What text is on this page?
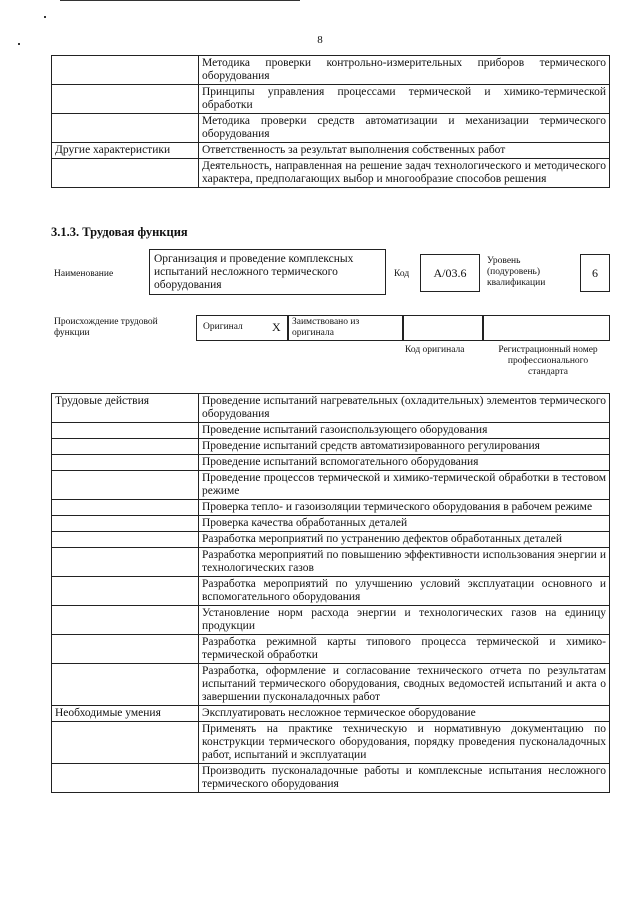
8
	Методика проверки контрольно-измерительных приборов термического оборудования
	Принципы управления процессами термической и химико-термической обработки
	Методика проверки средств автоматизации и механизации термического оборудования
Другие характеристики	Ответственность за результат выполнения собственных работ
	Деятельность, направленная на решение задач технологического и методического характера, предполагающих выбор и многообразие способов решения
3.1.3. Трудовая функция
Наименование
Организация и проведение комплексных испытаний несложного термического оборудования
Код	A/03.6
Уровень (подуровень) квалификации
6
Происхождение трудовой функции
Оригинал X Заимствовано из оригинала
Код оригинала	Регистрационный номер профессионального стандарта
Трудовые действия	Проведение испытаний нагревательных (охладительных) элементов термического оборудования
	Проведение испытаний газоиспользующего оборудования
	Проведение испытаний средств автоматизированного регулирования
	Проведение испытаний вспомогательного оборудования
	Проведение процессов термической и химико-термической обработки в тестовом режиме
	Проверка тепло- и газоизоляции термического оборудования в рабочем режиме
	Проверка качества обработанных деталей
	Разработка мероприятий по устранению дефектов обработанных деталей
	Разработка мероприятий по повышению эффективности использования энергии и технологических газов
	Разработка мероприятий по улучшению условий эксплуатации основного и вспомогательного оборудования
	Установление норм расхода энергии и технологических газов на единицу продукции
	Разработка режимной карты типового процесса термической и химико-термической обработки
	Разработка, оформление и согласование технического отчета по результатам испытаний термического оборудования, сводных ведомостей испытаний и акта о завершении пусконаладочных работ
Необходимые умения	Эксплуатировать несложное термическое оборудование
	Применять на практике техническую и нормативную документацию по конструкции термического оборудования, порядку проведения пусконаладочных работ, испытаний и эксплуатации
	Производить пусконаладочные работы и комплексные испытания несложного термического оборудования
